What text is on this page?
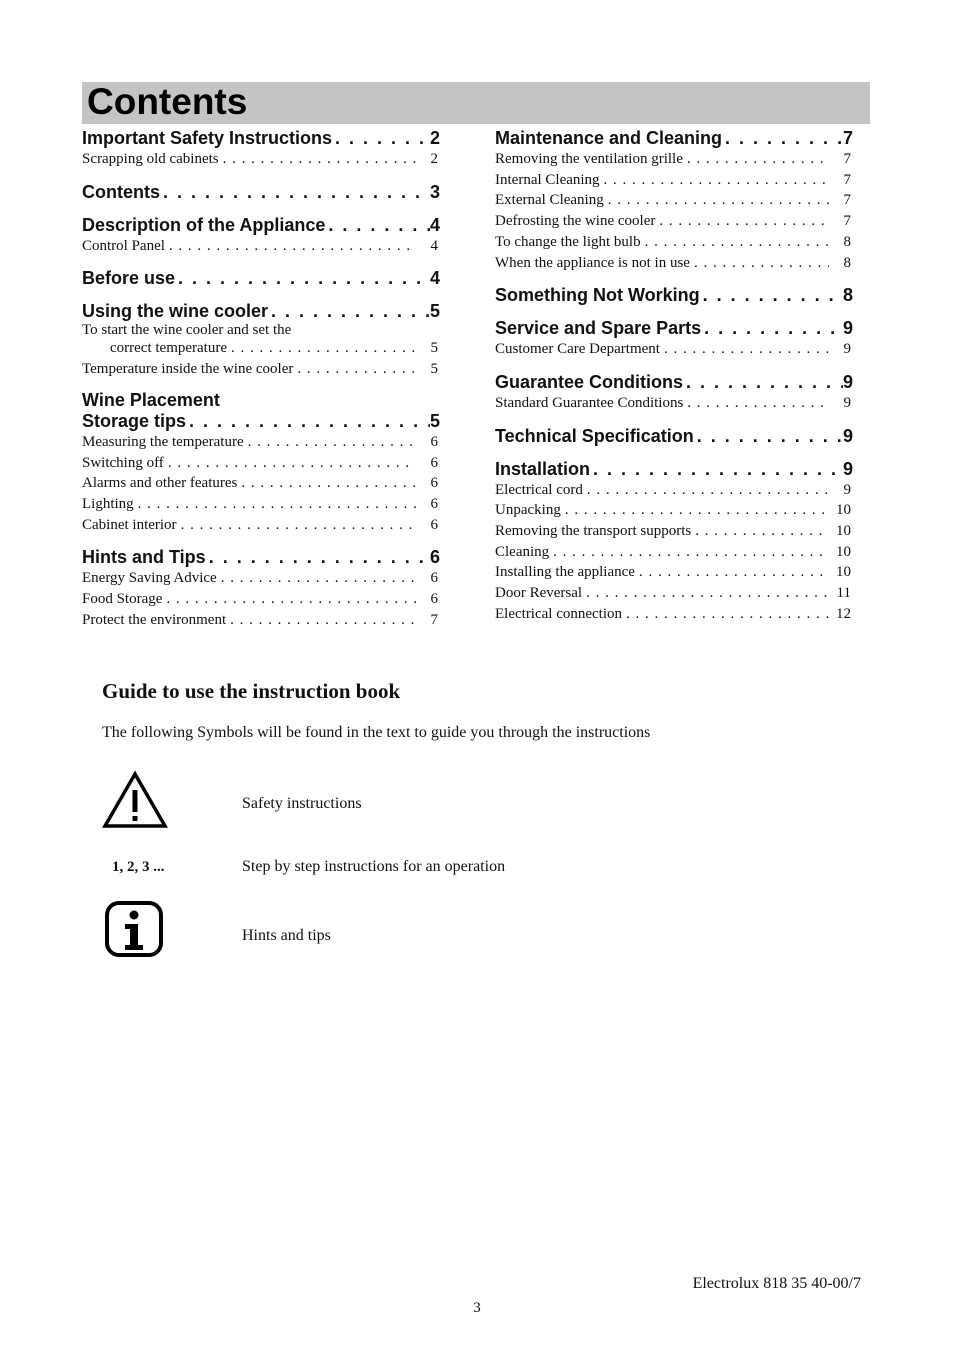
Contents
Important Safety Instructions . . .	2
Scrapping old cabinets . . .	2
Contents . . .	3
Description of the Appliance . . .	4
Control Panel . . .	4
Before use . . .	4
Using the wine cooler . . .	5
To start the wine cooler and set the
correct temperature . . .	5
Temperature inside the wine cooler . . .	5
Wine Placement
Storage tips . . .	5
Measuring the temperature . . .	6
Switching off . . .	6
Alarms and other features . . .	6
Lighting . . .	6
Cabinet interior . . .	6
Hints and Tips . . .	6
Energy Saving Advice . . .	6
Food Storage . . .	6
Protect the environment . . .	7
Maintenance and Cleaning . . .	7
Removing the ventilation grille . . .	7
Internal Cleaning . . .	7
External Cleaning . . .	7
Defrosting the wine cooler . . .	7
To change the light bulb . . .	8
When the appliance is not in use . . .	8
Something Not Working . . .	8
Service and Spare Parts . . .	9
Customer Care Department . . .	9
Guarantee Conditions . . .	9
Standard Guarantee Conditions . . .	9
Technical Specification . . .	9
Installation . . .	9
Electrical cord . . .	9
Unpacking . . .	10
Removing the transport supports . . .	10
Cleaning . . .	10
Installing the appliance . . .	10
Door Reversal . . .	11
Electrical connection . . .	12
Guide to use the instruction book
The following Symbols will be found in the text to guide you through the instructions
Safety instructions
1, 2, 3 ...	Step by step instructions for an operation
Hints and tips
Electrolux 818 35 40-00/7
3
